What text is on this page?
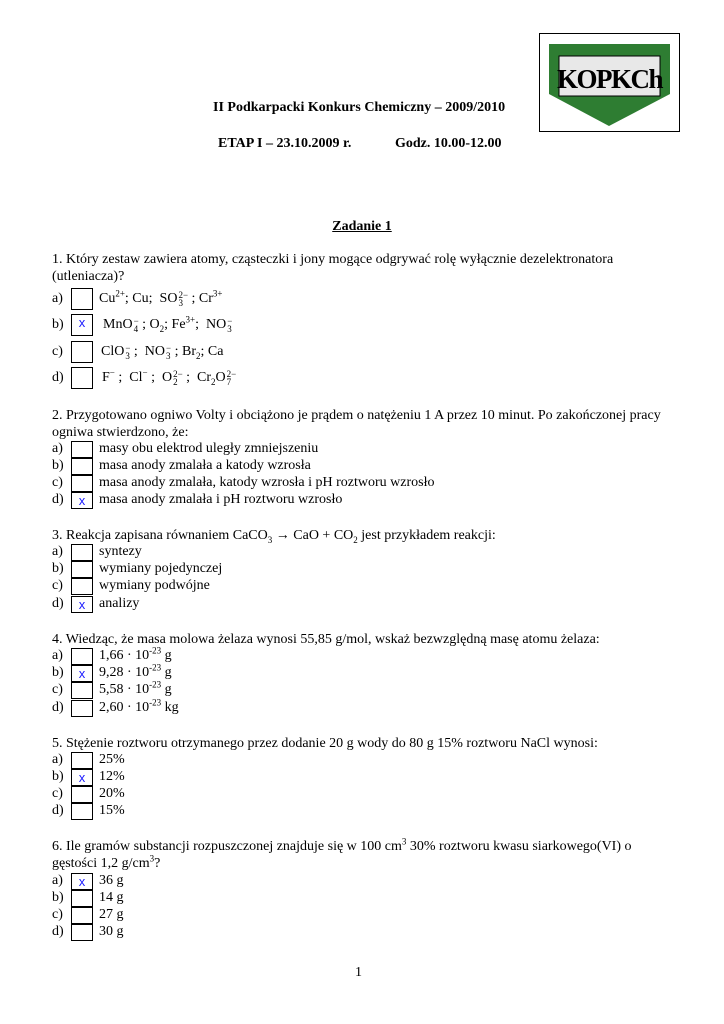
KOPKCh
II Podkarpacki Konkurs Chemiczny – 2009/2010
ETAP I – 23.10.2009 r.	Godz. 10.00-12.00
Zadanie 1
1. Który zestaw zawiera atomy, cząsteczki i jony mogące odgrywać rolę wyłącznie dezelektronatora (utleniacza)?
a)	$Cu^{2+}$; Cu;  SO 2−
3 ; $Cr^{3+}$
b)	x	MnO −
4 ; $O_2$; $Fe^{3+}$;  NO −
3
c)	ClO −
3 ;  NO −
3 ; $Br_2$; Ca
d)	F− ;  Cl− ;  O 2−
2 ;  $Cr_2O$ 2−
7
2. Przygotowano ogniwo Volty i obciążono je prądem o natężeniu 1 A przez 10 minut. Po zakończonej pracy ogniwa stwierdzono, że:
a)	masy obu elektrod uległy zmniejszeniu
b)	masa anody zmalała a katody wzrosła
c)	masa anody zmalała, katody wzrosła i pH roztworu wzrosło
d)	x masa anody zmalała i pH roztworu wzrosło
3. Reakcja zapisana równaniem CaCO$_3$ → CaO + $CO_2$ jest przykładem reakcji:
a)	syntezy
b)	wymiany pojedynczej
c)	wymiany podwójne
d)	x analizy
4. Wiedząc, że masa molowa żelaza wynosi 55,85 g/mol, wskaż bezwzględną masę atomu żelaza:
a)	$1,66 \cdot 10^{-23}$ g
b)	x $9,28 \cdot 10^{-23}$ g
c)	$5,58 \cdot 10^{-23}$ g
d)	$2,60 \cdot 10^{-23}$ kg
5. Stężenie roztworu otrzymanego przez dodanie 20 g wody do 80 g 15% roztworu NaCl wynosi:
a)	25%
b)	x 12%
c)	20%
d)	15%
6. Ile gramów substancji rozpuszczonej znajduje się w 100 $cm^3$ 30% roztworu kwasu siarkowego(VI) o gęstości 1,2 $g/cm^3$?
a)	x 36 g
b)	14 g
c)	27 g
d)	30 g
1
